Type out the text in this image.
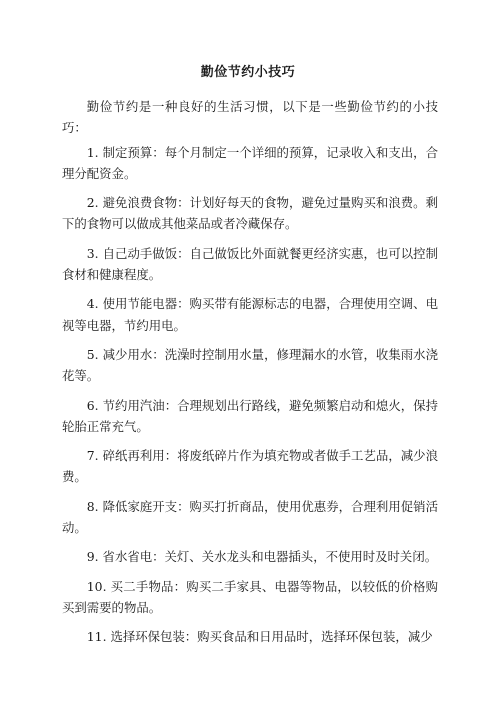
勤俭节约小技巧

勤俭节约是一种良好的生活习惯，以下是一些勤俭节约的小技巧：

1. 制定预算：每个月制定一个详细的预算，记录收入和支出，合理分配资金。

2. 避免浪费食物：计划好每天的食物，避免过量购买和浪费。剩下的食物可以做成其他菜品或者冷藏保存。

3. 自己动手做饭：自己做饭比外面就餐更经济实惠，也可以控制食材和健康程度。

4. 使用节能电器：购买带有能源标志的电器，合理使用空调、电视等电器，节约用电。

5. 减少用水：洗澡时控制用水量，修理漏水的水管，收集雨水浇花等。

6. 节约用汽油：合理规划出行路线，避免频繁启动和熄火，保持轮胎正常充气。

7. 碎纸再利用：将废纸碎片作为填充物或者做手工艺品，减少浪费。

8. 降低家庭开支：购买打折商品，使用优惠券，合理利用促销活动。

9. 省水省电：关灯、关水龙头和电器插头，不使用时及时关闭。

10. 买二手物品：购买二手家具、电器等物品，以较低的价格购买到需要的物品。

11. 选择环保包装：购买食品和日用品时，选择环保包装，减少
